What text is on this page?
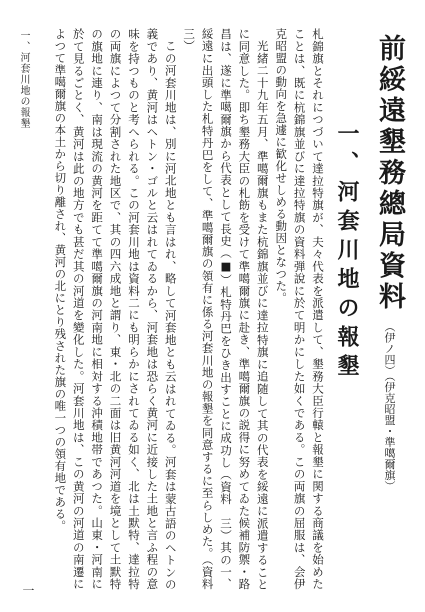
前綏遠墾務總局資料（伊ノ四）（伊克昭盟・準噶爾旗）
一、河套川地の報墾
札錦旗とそれにつづいて達拉特旗が、夫々代表を派遣して、墾務大臣行轅と報墾に関する商議を始めたことは、既に杭錦旗並びに達拉特旗の資料弾說に於て明かにした如くである。この両旗の屈服は、会伊克昭盟の動向を急遽に歓化せしめる動因となつた。
光緒二十九年五月、準噶爾旗もまた杭錦旗並びに達拉特旗に追随して其の代表を綏遠に派遣することに同意した。即ち墾務大臣の札飭を受けて準噶爾旗に赴き、準噶爾旗の説得に努めてゐた候補防禦・路昌は、遂に準噶爾旗から代表として長史（■）札特丹巴をひき出すことに成功し（資料　三）其の一、綏遠に出頭した札特丹巴をして、準噶爾旗の領有に係る河套川地の報墾を同意するに至らしめた。（資料　三）
この河套川地は、別に河北地とも言はれ、略して河套地とも云はれてゐる。河套は蒙古語のヘトンの義であり、黄河はヘトン・ゴルと云はれてゐるから、河套地は恐らく黄河に近接した土地と言ふ程の意味を持つものと考へられる。この河套川地は資料二にも明らかにされてゐる如く、北は土默特、達拉特の両旗によつて分割された地区で、其の四六成地と謂り、東・北の二面は旧黄河河道を境として土默特の旗地に連り、南は現流の黄河を距てて準噶爾旗の河南地に相対する沖積地帯であつた。山東・河南に於て見るごとく、黄河は此の地方でも甚だ其の河道を變化した。河套川地は、この黄河の河道の南遷によつて準噶爾旗の本土から切り離され、黄河の北にとり残された旗の唯一つの領有地である。
一、河套川地の報墾
一
